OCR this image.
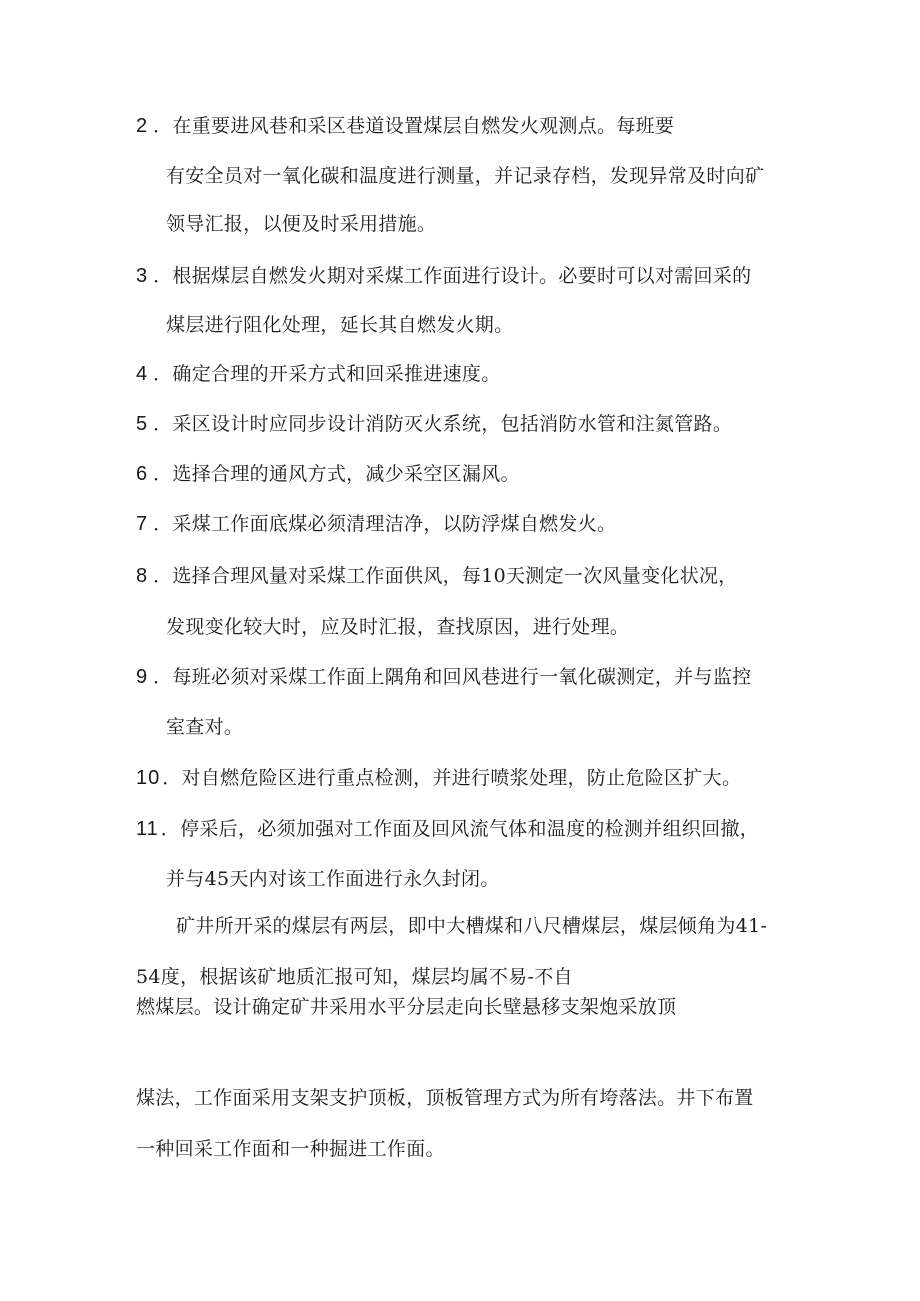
2．在重要进风巷和采区巷道设置煤层自燃发火观测点。每班要
有安全员对一氧化碳和温度进行测量，并记录存档，发现异常及时向矿
领导汇报，以便及时采用措施。
3．根据煤层自燃发火期对采煤工作面进行设计。必要时可以对需回采的
煤层进行阻化处理，延长其自燃发火期。
4．确定合理的开采方式和回采推进速度。
5．采区设计时应同步设计消防灭火系统，包括消防水管和注氮管路。
6．选择合理的通风方式，减少采空区漏风。
7．采煤工作面底煤必须清理洁净，以防浮煤自燃发火。
8．选择合理风量对采煤工作面供风，每10天测定一次风量变化状况，
发现变化较大时，应及时汇报，查找原因，进行处理。
9．每班必须对采煤工作面上隅角和回风巷进行一氧化碳测定，并与监控
室查对。
10 ．对自燃危险区进行重点检测，并进行喷浆处理，防止危险区扩大。
11 ．停采后，必须加强对工作面及回风流气体和温度的检测并组织回撤，
并与45天内对该工作面进行永久封闭。
矿井所开采的煤层有两层，即中大槽煤和八尺槽煤层，煤层倾角为41-
54度，根据该矿地质汇报可知，煤层均属不易-不自
燃煤层。设计确定矿井采用水平分层走向长壁悬移支架炮采放顶
煤法，工作面采用支架支护顶板，顶板管理方式为所有垮落法。井下布置
一种回采工作面和一种掘进工作面。
